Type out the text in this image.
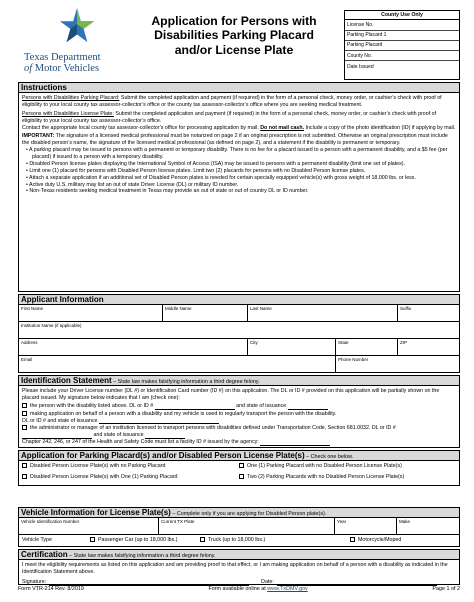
Texas Department
of Motor Vehicles
Application for Persons with
Disabilities Parking Placard
and/or License Plate
County Use Only
License No.
Parking Placard 1
Parking Placard
County No.
Date Issued
Instructions
Persons with Disabilities Parking Placard: Submit the completed application and payment (if required) in the form of a personal check, money order, or cashier’s check with proof of eligibility to your local county tax assessor-collector’s office or the county tax assessor-collector’s office where you are seeking medical treatment.
Persons with Disabilities License Plate: Submit the completed application and payment (if required) in the form of a personal check, money order, or cashier’s check with proof of eligibility to your local county tax assessor-collector’s office.
Contact the appropriate local county tax assessor-collector’s office for processing application by mail. Do not mail cash. Include a copy of the photo identification (ID) if applying by mail.
IMPORTANT: The signature of a licensed medical professional must be notarized on page 2 if an original prescription is not submitted. Otherwise an original prescription must include the disabled person’s name, the signature of the licensed medical professional (as defined on page 2), and a statement if the disability is permanent or temporary.
• A parking placard may be issued to persons with a permanent or temporary disability. There is no fee for a placard issued to a person with a permanent disability, and a $5 fee (per placard) if issued to a person with a temporary disability.
• Disabled Person license plates displaying the International Symbol of Access (ISA) may be issued to persons with a permanent disability (limit one set of plates).
• Limit one (1) placard for persons with Disabled Person license plates. Limit two (2) placards for persons with no Disabled Person license plates.
• Attach a separate application if an additional set of Disabled Person plates is needed for certain specially equipped vehicle(s) with gross weight of 18,000 lbs. or less.
• Active duty U.S. military may list an out of state Driver License (DL) or military ID number.
• Non-Texas residents seeking medical treatment in Texas may provide an out of state or out of country DL or ID number.
Applicant Information
First Name	Middle Name	Last Name	Suffix
Institution Name (if applicable)
Address	City	State	ZIP
Email	Phone Number
Identification Statement – State law makes falsifying information a third degree felony.
Please include your Driver License number (DL #) or Identification Card number (ID #) on this application. The DL or ID # provided on this application will be partially shown on the placard issued. My signature below indicates that I am (check one):
the person with the disability listed above. DL or ID #	and state of issuance
making application on behalf of a person with a disability and my vehicle is used to regularly transport the person with the disability.
DL or ID # and state of issuance
the administrator or manager of an institution licensed to transport persons with disabilities defined under Transportation Code, Section 681.0032. DL or ID #  and state of issuance
Chapter 242, 246, or 247 of the Health and Safety Code must list a facility ID # issued by the agency:
Application for Parking Placard(s) and/or Disabled Person License Plate(s) – Check one below.
Disabled Person License Plate(s) with no Parking Placard	One (1) Parking Placard with no Disabled Person License Plate(s)
Disabled Person License Plate(s) with One (1) Parking Placard	Two (2) Parking Placards with no Disabled Person License Plate(s)
Vehicle Information for License Plate(s) – Complete only if you are applying for Disabled Person plate(s).
Vehicle Identification Number	Current TX Plate	Year	Make
Vehicle Type	Passenger Car (up to 18,000 lbs.)	Truck (up to 18,000 lbs.)	Motorcycle/Moped
Certification – State law makes falsifying information a third degree felony.
I meet the eligibility requirements as listed on this application and am providing proof to that effect, or I am making application on behalf of a person with a disability as indicated in the Identification Statement above.
Signature:	Date:
Form VTR-214 Rev. 8/2019	Form available online at www.TxDMV.gov	Page 1 of 2
